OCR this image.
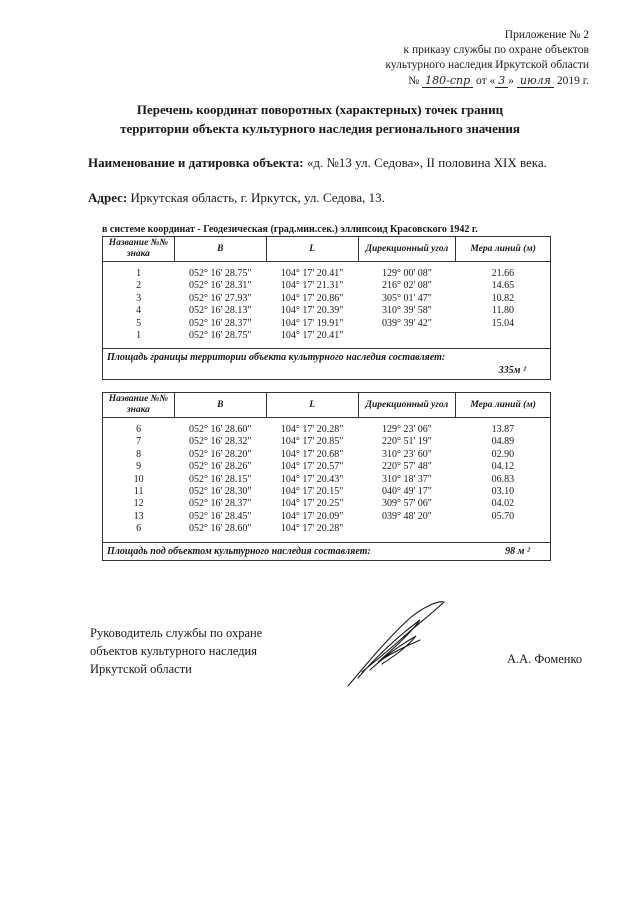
Приложение № 2
к приказу службы по охране объектов
культурного наследия Иркутской области
№ 180-спр от « 3 » июля 2019 г.
Перечень координат поворотных (характерных) точек границ
территории объекта культурного наследия регионального значения
Наименование и датировка объекта: «д. №13 ул. Седова», II половина XIX века.
Адрес: Иркутская область, г. Иркутск, ул. Седова, 13.
в системе координат - Геодезическая (град.мин.сек.) эллипсоид Красовского 1942 г.
Название №№ знака	B	L	Дирекционный угол	Мера линий (м)

1	052° 16' 28.75"	104° 17' 20.41"	129° 00' 08"	21.66
2	052° 16' 28.31"	104° 17' 21.31"	216° 02' 08"	14.65
3	052° 16' 27.93"	104° 17' 20.86"	305° 01' 47"	10.82
4	052° 16' 28.13"	104° 17' 20.39"	310° 39' 58"	11.80
5	052° 16' 28.37"	104° 17' 19.91"	039° 39' 42"	15.04
1	052° 16' 28.75"	104° 17' 20.41"		

Площадь границы территории объекта культурного наследия составляет:
335м ²				
Название №№ знака	B	L	Дирекционный угол	Мера линий (м)

6	052° 16' 28.60"	104° 17' 20.28"	129° 23' 06"	13.87
7	052° 16' 28.32"	104° 17' 20.85"	220° 51' 19"	04.89
8	052° 16' 28.20"	104° 17' 20.68"	310° 23' 60"	02.90
9	052° 16' 28.26"	104° 17' 20.57"	220° 57' 48"	04.12
10	052° 16' 28.15"	104° 17' 20.43"	310° 18' 37"	06.83
11	052° 16' 28.30"	104° 17' 20.15"	040° 49' 17"	03.10
12	052° 16' 28.37"	104° 17' 20.25"	309° 57' 06"	04.02
13	052° 16' 28.45"	104° 17' 20.09"	039° 48' 20"	05.70
6	052° 16' 28.60"	104° 17' 20.28"		

Площадь под объектом культурного наследия составляет: 98 м ²				
Руководитель службы по охране
объектов культурного наследия
Иркутской области
А.А. Фоменко
